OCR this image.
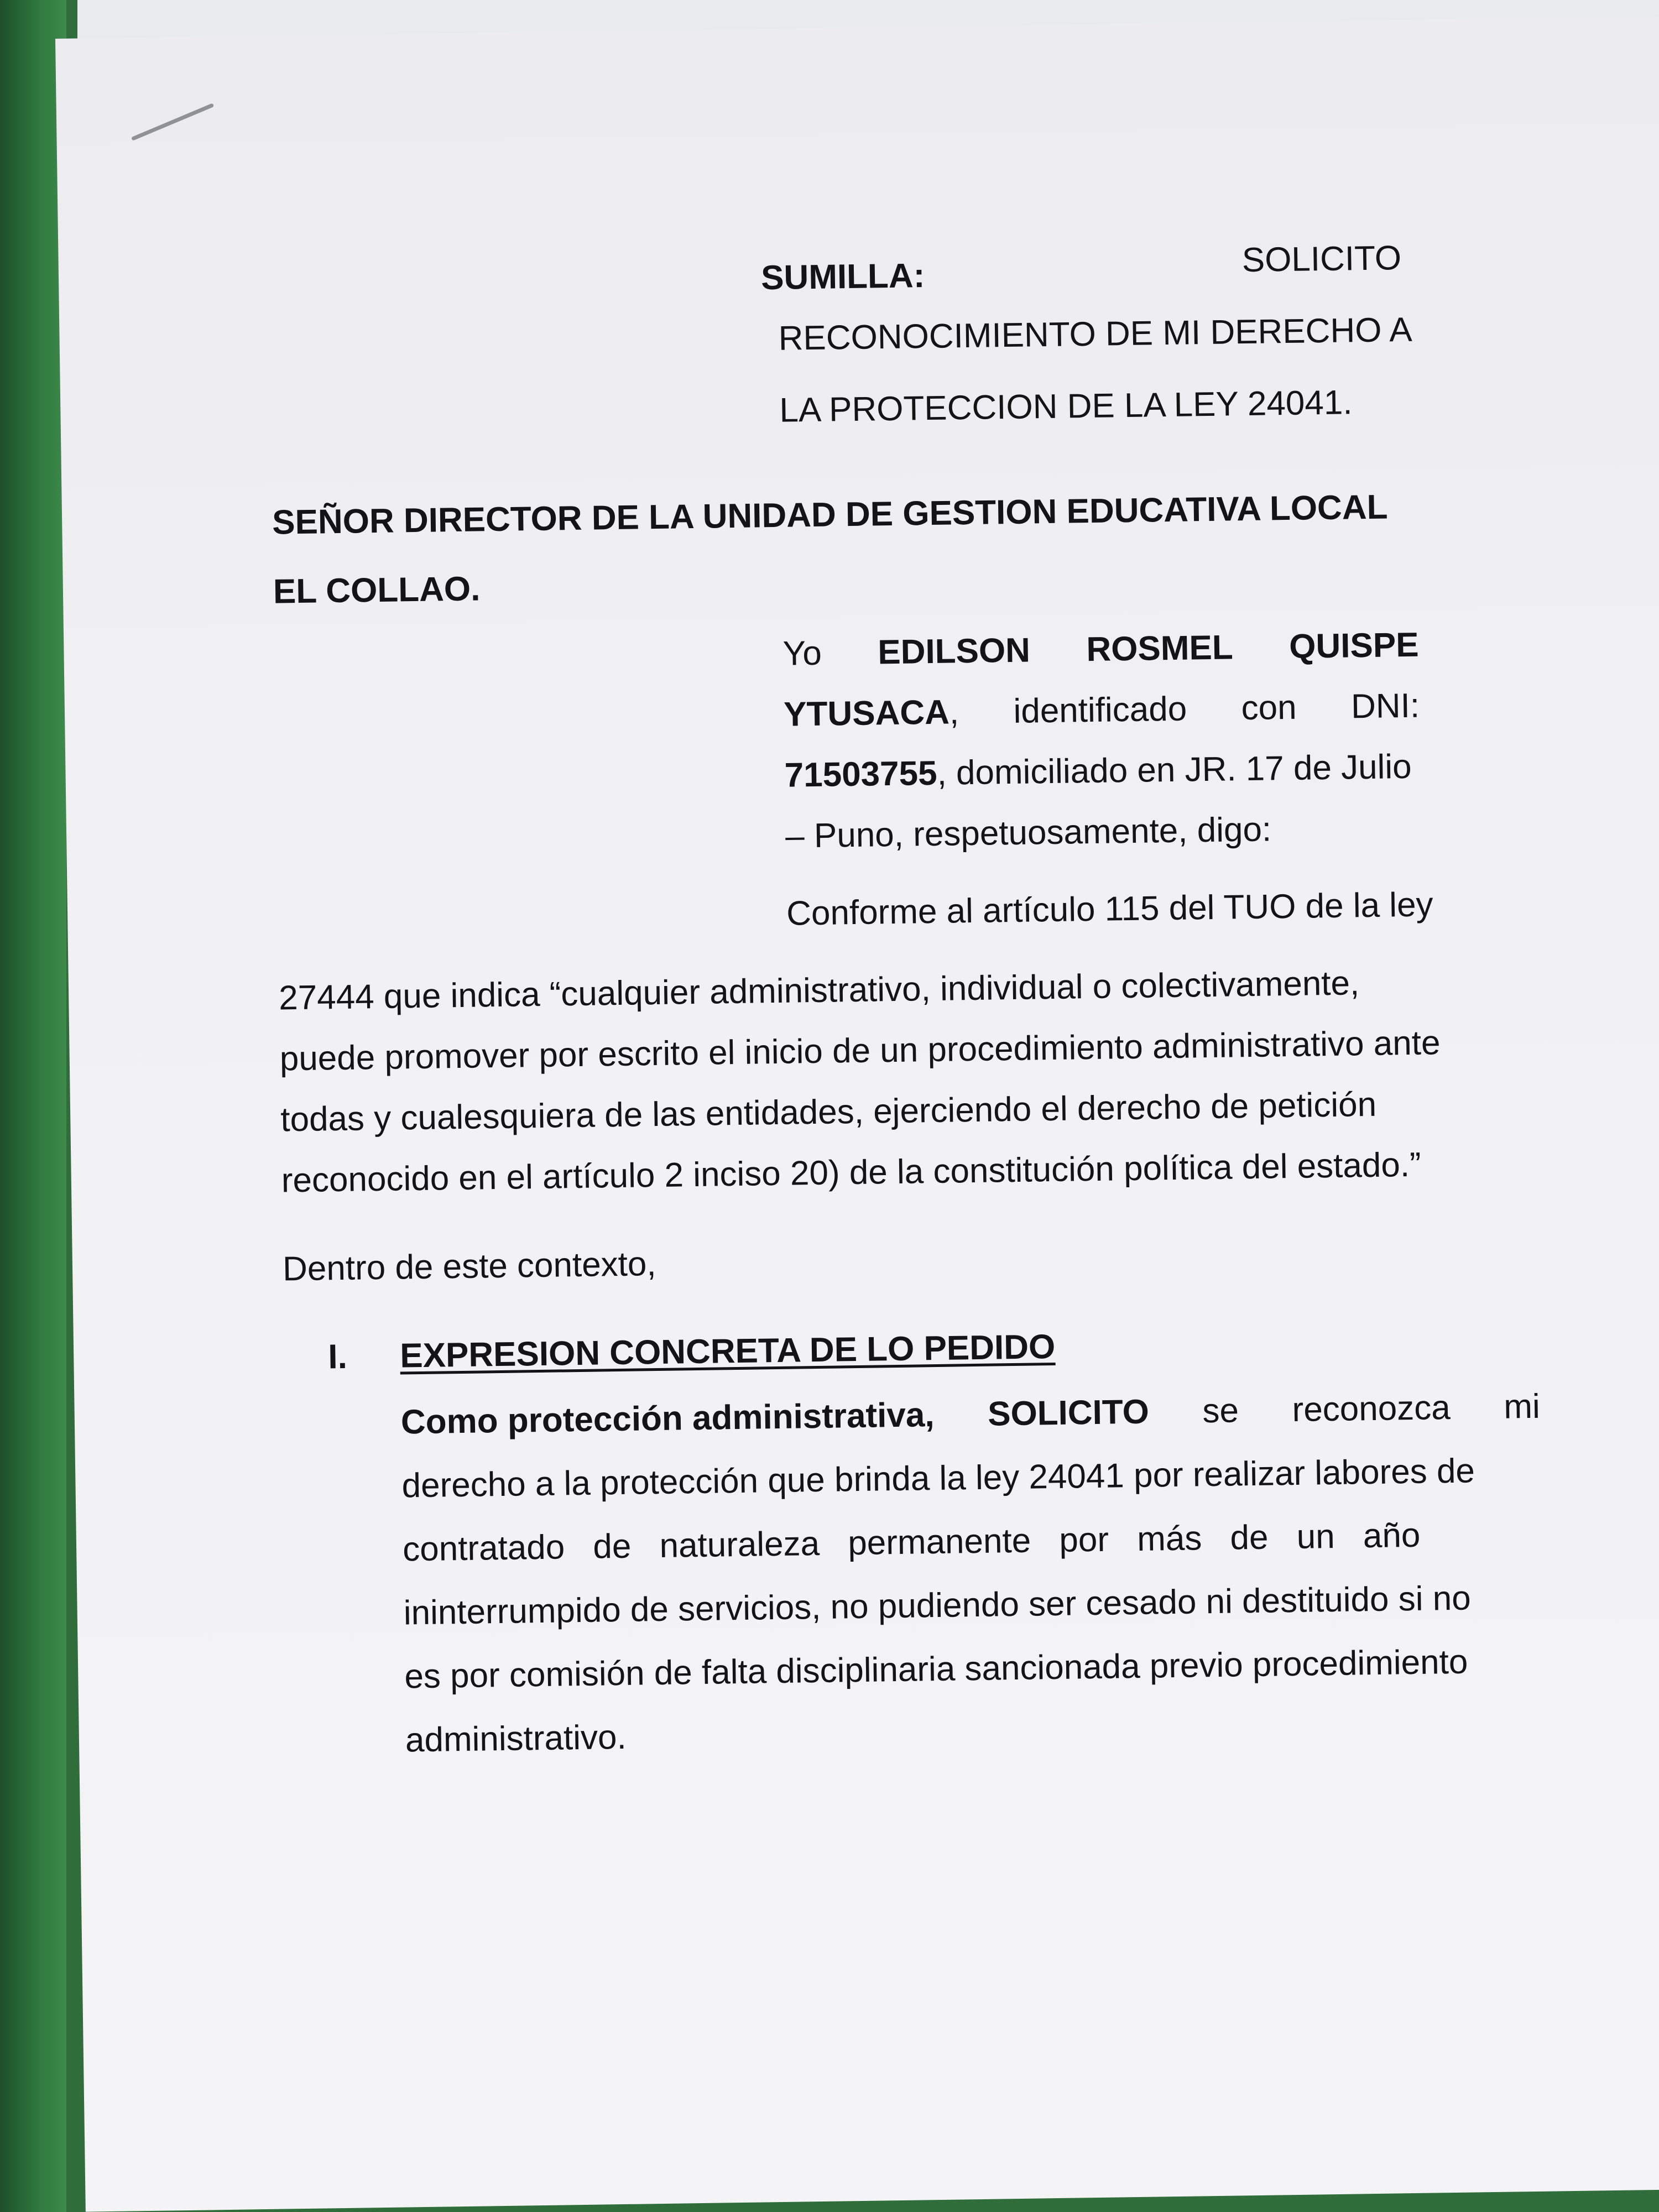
SUMILLA:	SOLICITO
RECONOCIMIENTO DE MI DERECHO A
LA PROTECCION DE LA LEY 24041.
SEÑOR DIRECTOR DE LA UNIDAD DE GESTION EDUCATIVA LOCAL
EL COLLAO.
Yo EDILSON ROSMEL QUISPE
YTUSACA, identificado con DNI:
71503755, domiciliado en JR. 17 de Julio
– Puno, respetuosamente, digo:
Conforme al artículo 115 del TUO de la ley
27444 que indica “cualquier administrativo, individual o colectivamente,
puede promover por escrito el inicio de un procedimiento administrativo ante
todas y cualesquiera de las entidades, ejerciendo el derecho de petición
reconocido en el artículo 2 inciso 20) de la constitución política del estado.”
Dentro de este contexto,
I. EXPRESION CONCRETA DE LO PEDIDO
Como protección administrativa, SOLICITO se reconozca mi
derecho a la protección que brinda la ley 24041 por realizar labores de
contratado de naturaleza permanente por más de un año
ininterrumpido de servicios, no pudiendo ser cesado ni destituido si no
es por comisión de falta disciplinaria sancionada previo procedimiento
administrativo.
